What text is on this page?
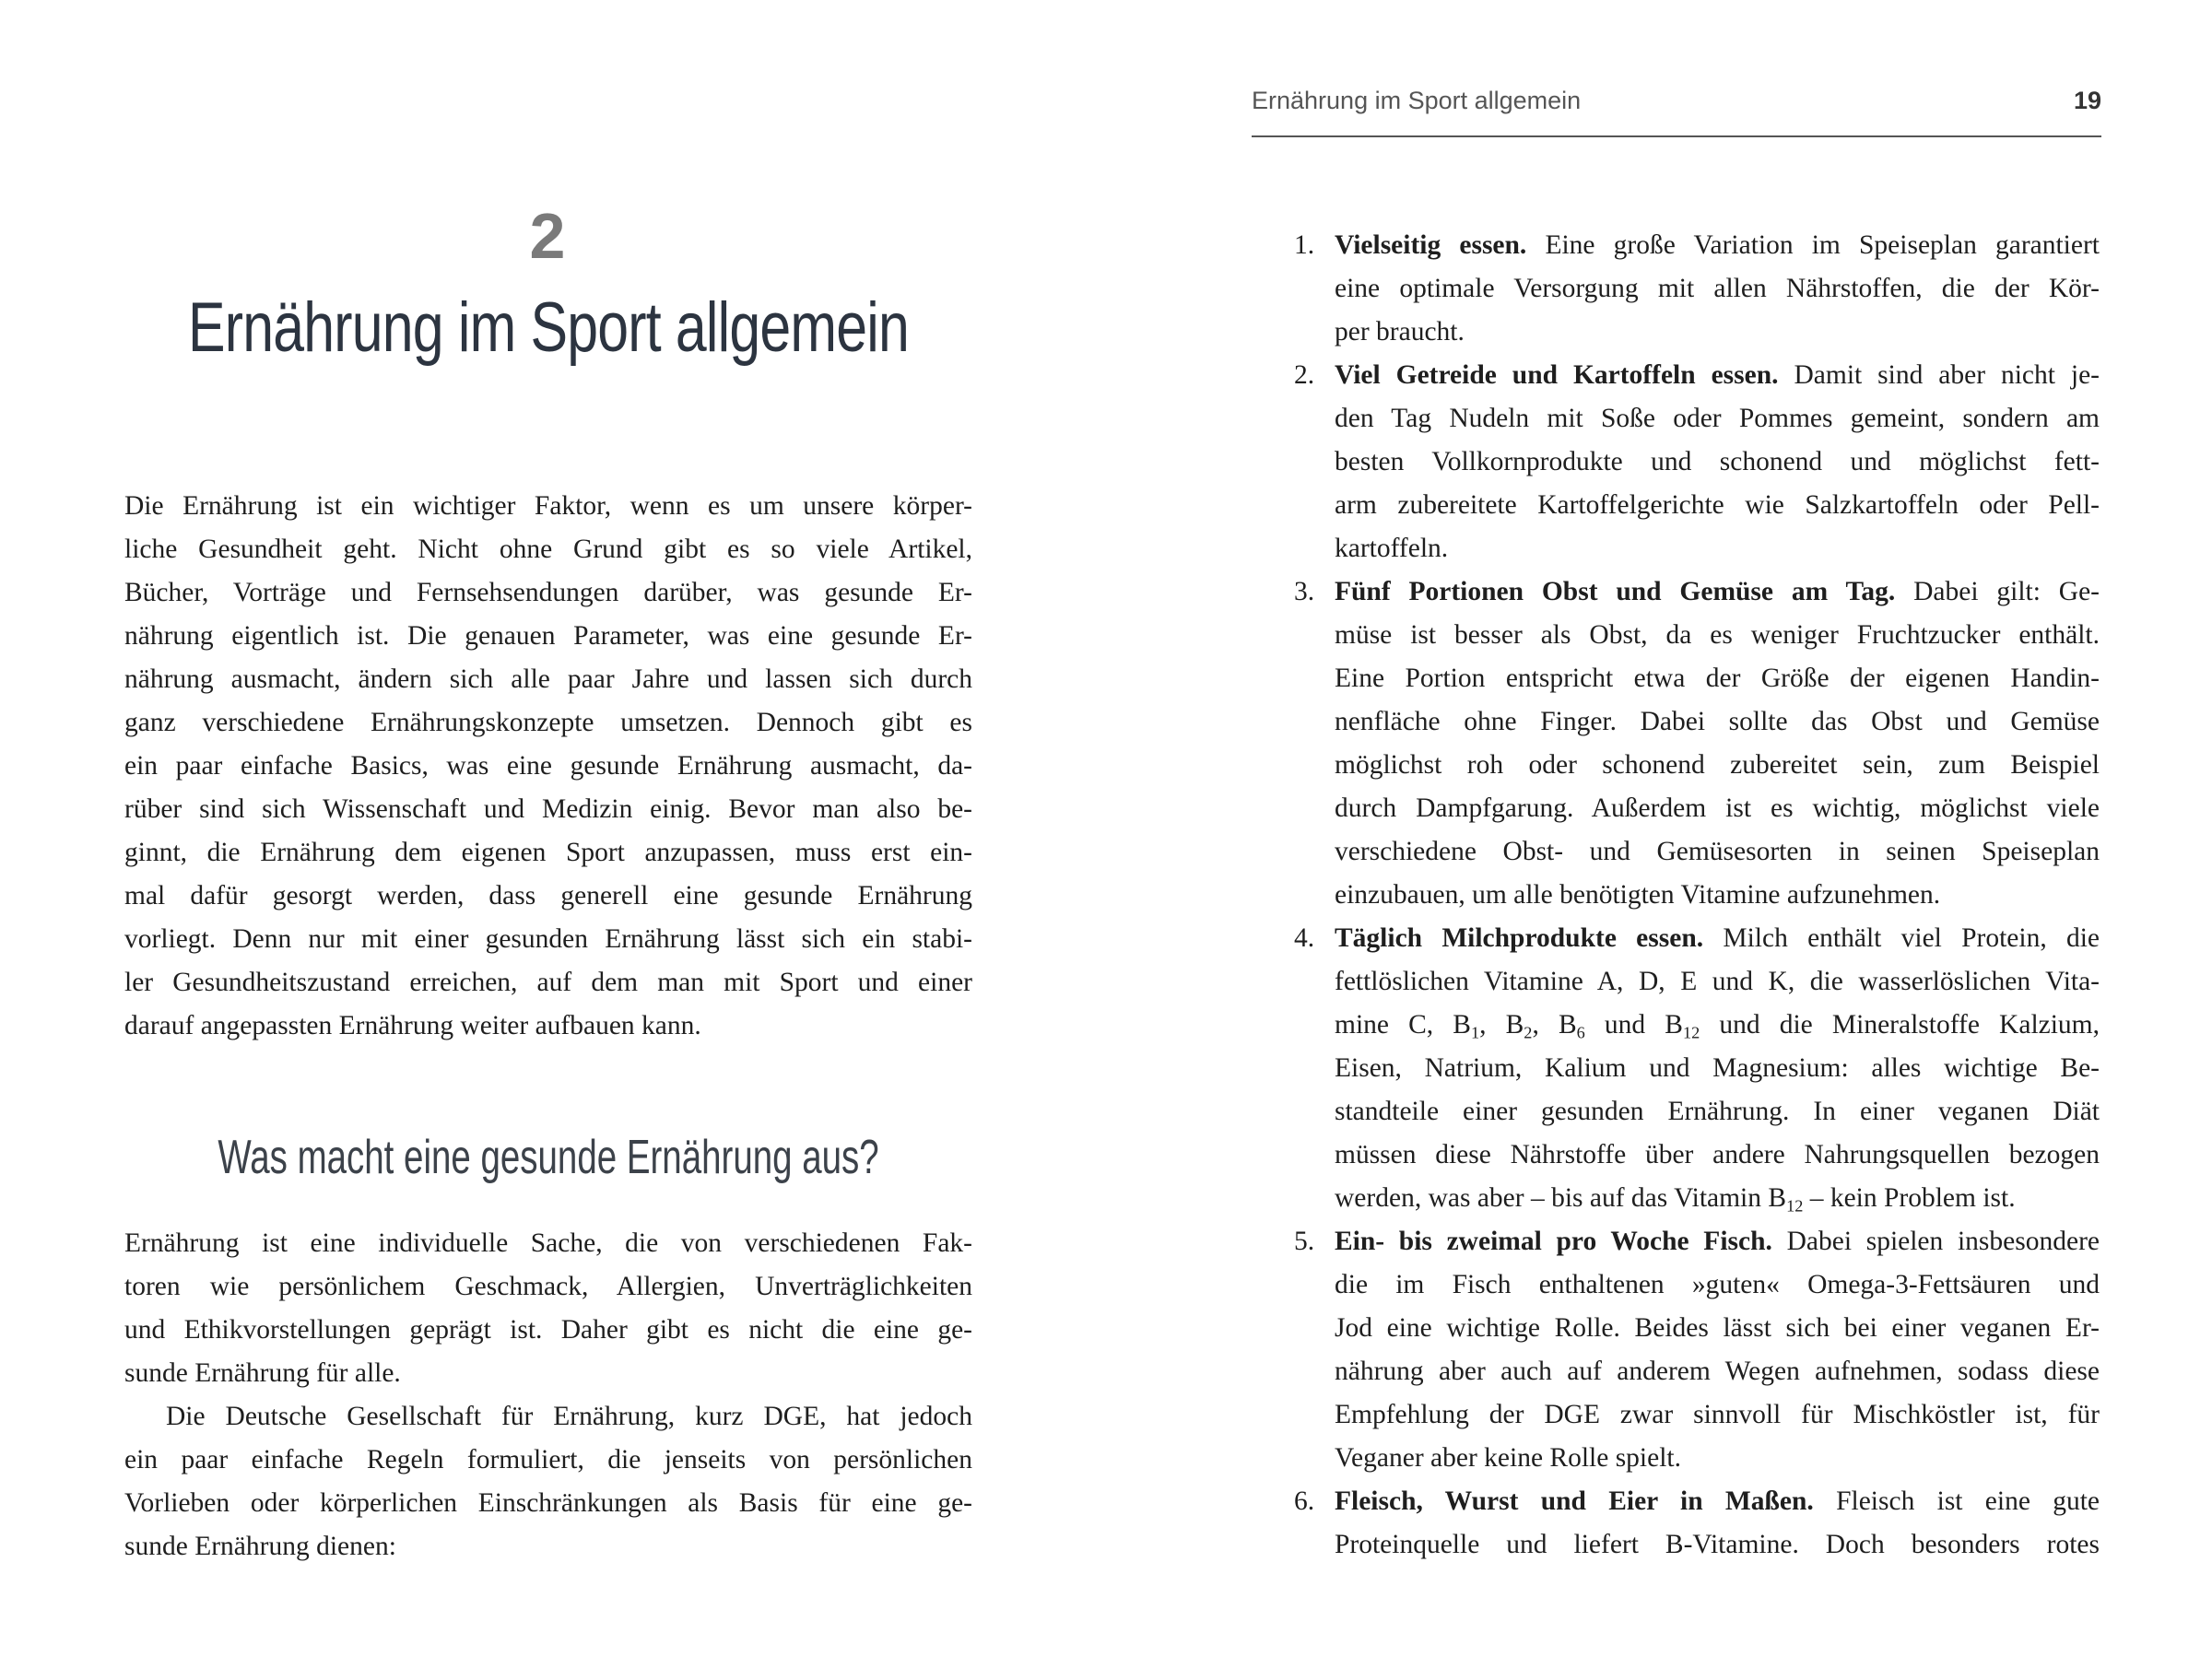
Ernährung im Sport allgemein	19
2
Ernährung im Sport allgemein
Die Ernährung ist ein wichtiger Faktor, wenn es um unsere körper-
liche Gesundheit geht. Nicht ohne Grund gibt es so viele Artikel,
Bücher, Vorträge und Fernsehsendungen darüber, was gesunde Er-
nährung eigentlich ist. Die genauen Parameter, was eine gesunde Er-
nährung ausmacht, ändern sich alle paar Jahre und lassen sich durch
ganz verschiedene Ernährungskonzepte umsetzen. Dennoch gibt es
ein paar einfache Basics, was eine gesunde Ernährung ausmacht, da-
rüber sind sich Wissenschaft und Medizin einig. Bevor man also be-
ginnt, die Ernährung dem eigenen Sport anzupassen, muss erst ein-
mal dafür gesorgt werden, dass generell eine gesunde Ernährung
vorliegt. Denn nur mit einer gesunden Ernährung lässt sich ein stabi-
ler Gesundheitszustand erreichen, auf dem man mit Sport und einer
darauf angepassten Ernährung weiter aufbauen kann.
Was macht eine gesunde Ernährung aus?
Ernährung ist eine individuelle Sache, die von verschiedenen Fak-
toren wie persönlichem Geschmack, Allergien, Unverträglichkeiten
und Ethikvorstellungen geprägt ist. Daher gibt es nicht die eine ge-
sunde Ernährung für alle.
Die Deutsche Gesellschaft für Ernährung, kurz DGE, hat jedoch
ein paar einfache Regeln formuliert, die jenseits von persönlichen
Vorlieben oder körperlichen Einschränkungen als Basis für eine ge-
sunde Ernährung dienen:
1. Vielseitig essen. Eine große Variation im Speiseplan garantiert
eine optimale Versorgung mit allen Nährstoffen, die der Kör-
per braucht.
2. Viel Getreide und Kartoffeln essen. Damit sind aber nicht je-
den Tag Nudeln mit Soße oder Pommes gemeint, sondern am
besten Vollkornprodukte und schonend und möglichst fett-
arm zubereitete Kartoffelgerichte wie Salzkartoffeln oder Pell-
kartoffeln.
3. Fünf Portionen Obst und Gemüse am Tag. Dabei gilt: Ge-
müse ist besser als Obst, da es weniger Fruchtzucker enthält.
Eine Portion entspricht etwa der Größe der eigenen Handin-
nenfläche ohne Finger. Dabei sollte das Obst und Gemüse
möglichst roh oder schonend zubereitet sein, zum Beispiel
durch Dampfgarung. Außerdem ist es wichtig, möglichst viele
verschiedene Obst- und Gemüsesorten in seinen Speiseplan
einzubauen, um alle benötigten Vitamine aufzunehmen.
4. Täglich Milchprodukte essen. Milch enthält viel Protein, die
fettlöslichen Vitamine A, D, E und K, die wasserlöslichen Vita-
mine C, $B_1$, $B_2$, $B_6$ und $B_{12}$ und die Mineralstoffe Kalzium,
Eisen, Natrium, Kalium und Magnesium: alles wichtige Be-
standteile einer gesunden Ernährung. In einer veganen Diät
müssen diese Nährstoffe über andere Nahrungsquellen bezogen
werden, was aber – bis auf das Vitamin $B_{12}$ – kein Problem ist.
5. Ein- bis zweimal pro Woche Fisch. Dabei spielen insbesondere
die im Fisch enthaltenen »guten« Omega-3-Fettsäuren und
Jod eine wichtige Rolle. Beides lässt sich bei einer veganen Er-
nährung aber auch auf anderem Wegen aufnehmen, sodass diese
Empfehlung der DGE zwar sinnvoll für Mischköstler ist, für
Veganer aber keine Rolle spielt.
6. Fleisch, Wurst und Eier in Maßen. Fleisch ist eine gute
Proteinquelle und liefert B-Vitamine. Doch besonders rotes
